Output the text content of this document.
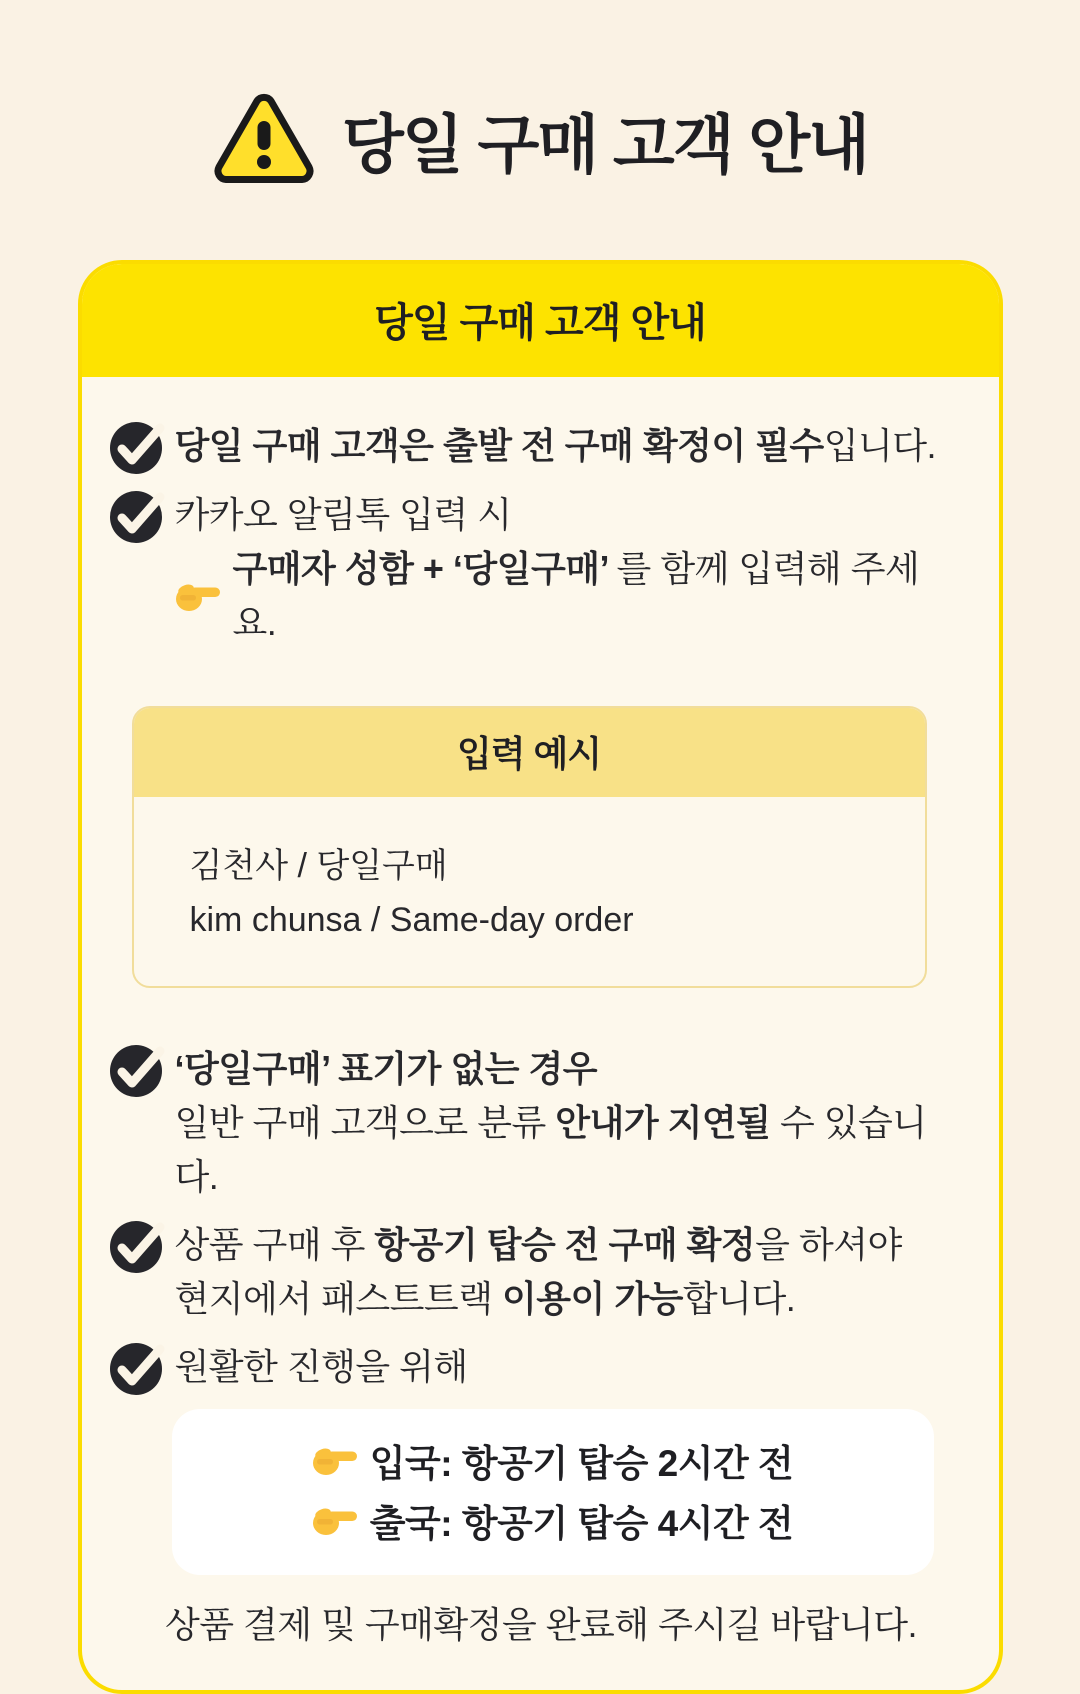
당일 구매 고객 안내
당일 구매 고객 안내

당일 구매 고객은 출발 전 구매 확정이 필수입니다.

카카오 알림톡 입력 시

구매자 성함 + ‘당일구매’ 를 함께 입력해 주세요.

입력 예시

김천사 / 당일구매

kim chunsa / Same-day order

‘당일구매’ 표기가 없는 경우

일반 구매 고객으로 분류 안내가 지연될 수 있습니다.

상품 구매 후 항공기 탑승 전 구매 확정을 하셔야

현지에서 패스트트랙 이용이 가능합니다.

원활한 진행을 위해

입국: 항공기 탑승 2시간 전

출국: 항공기 탑승 4시간 전

상품 결제 및 구매확정을 완료해 주시길 바랍니다.
